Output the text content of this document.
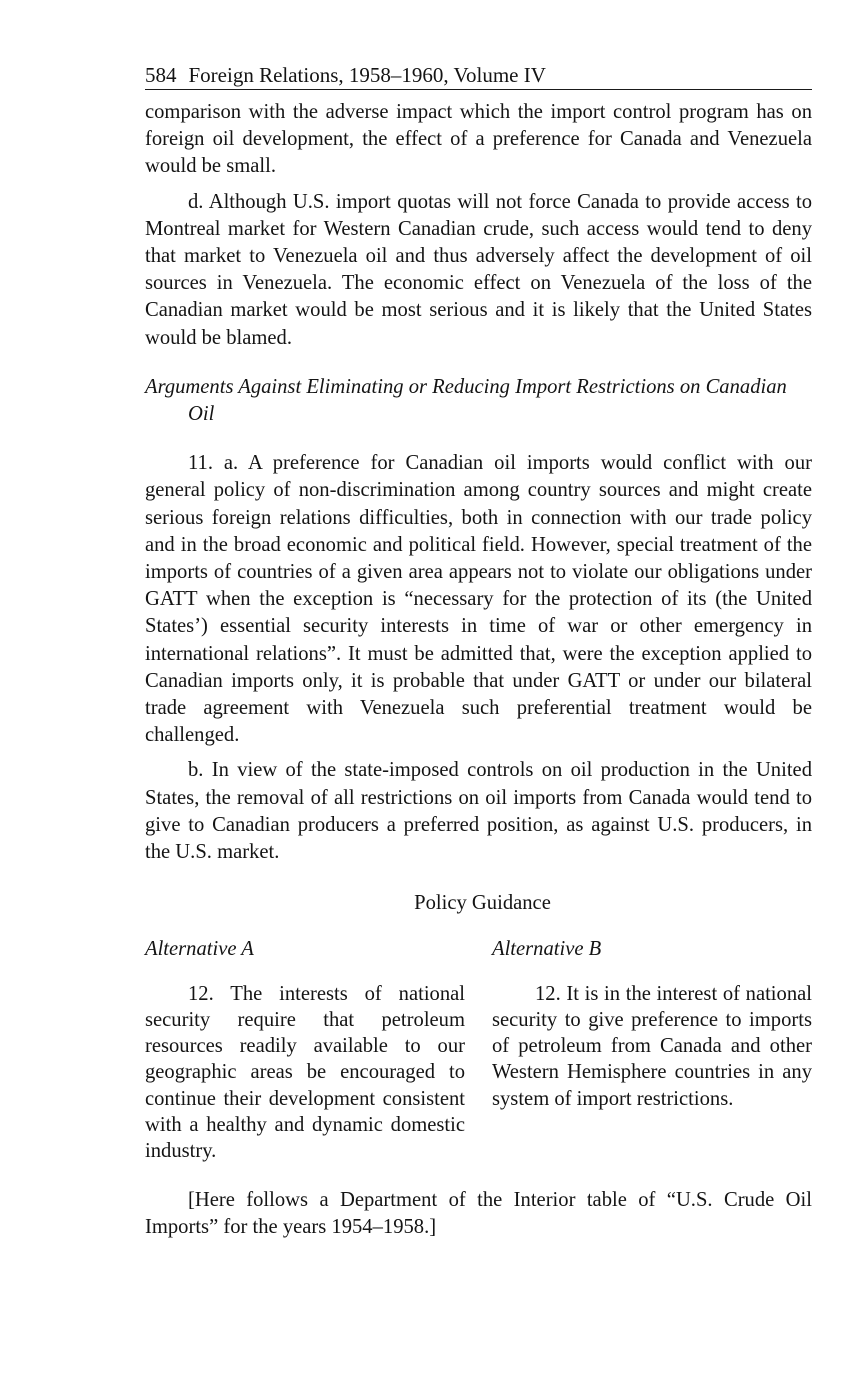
584 Foreign Relations, 1958–1960, Volume IV

comparison with the adverse impact which the import control program has on foreign oil development, the effect of a preference for Canada and Venezuela would be small.

d. Although U.S. import quotas will not force Canada to provide access to Montreal market for Western Canadian crude, such access would tend to deny that market to Venezuela oil and thus adversely affect the development of oil sources in Venezuela. The economic effect on Venezuela of the loss of the Canadian market would be most serious and it is likely that the United States would be blamed.

Arguments Against Eliminating or Reducing Import Restrictions on Canadian Oil

11. a. A preference for Canadian oil imports would conflict with our general policy of non-discrimination among country sources and might create serious foreign relations difficulties, both in connection with our trade policy and in the broad economic and political field. However, special treatment of the imports of countries of a given area appears not to violate our obligations under GATT when the exception is “necessary for the protection of its (the United States’) essential security interests in time of war or other emergency in international relations”. It must be admitted that, were the exception applied to Canadian imports only, it is probable that under GATT or under our bilateral trade agreement with Venezuela such preferential treatment would be challenged.

b. In view of the state-imposed controls on oil production in the United States, the removal of all restrictions on oil imports from Canada would tend to give to Canadian producers a preferred position, as against U.S. producers, in the U.S. market.

Policy Guidance

Alternative A

12. The interests of national security require that petroleum resources readily available to our geographic areas be encouraged to continue their development consistent with a healthy and dynamic domestic industry.

Alternative B

12. It is in the interest of national security to give preference to imports of petroleum from Canada and other Western Hemisphere countries in any system of import restrictions.

[Here follows a Department of the Interior table of “U.S. Crude Oil Imports” for the years 1954–1958.]
